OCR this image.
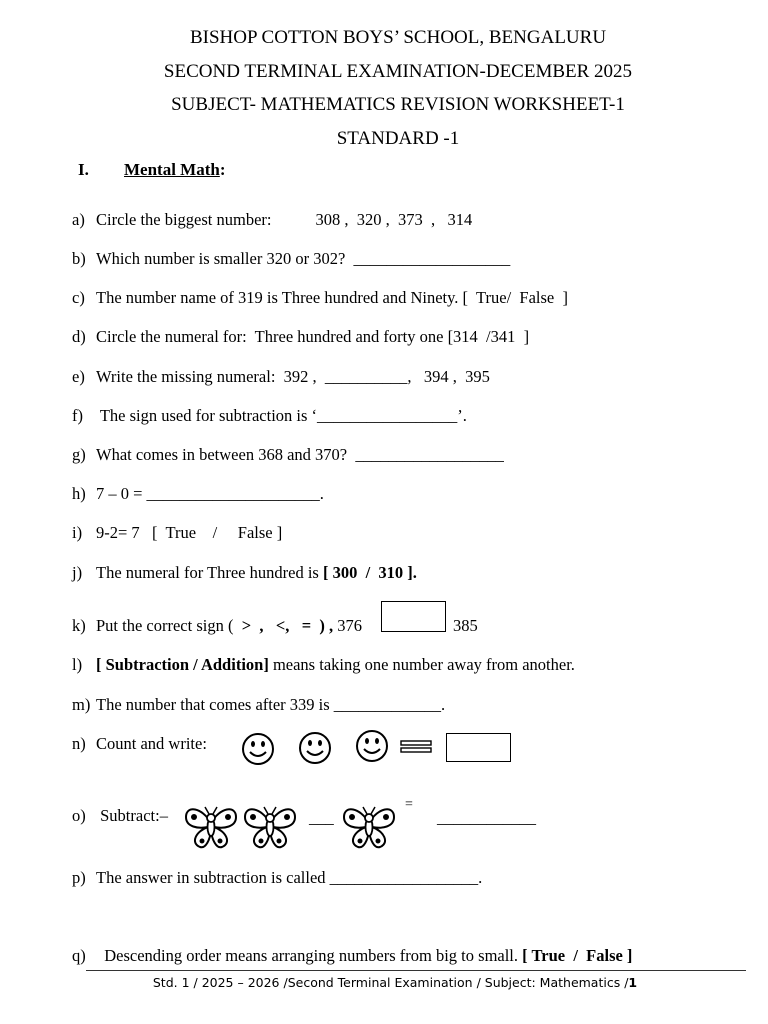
BISHOP COTTON BOYS’ SCHOOL, BENGALURU
SECOND TERMINAL EXAMINATION-DECEMBER 2025
SUBJECT- MATHEMATICS REVISION WORKSHEET-1
STANDARD -1
I. Mental Math:
a) Circle the biggest number:	308 ,  320 ,  373  ,   314
b) Which number is smaller 320 or 302?  ___________________
c) The number name of 319 is Three hundred and Ninety. [  True/  False  ]
d) Circle the numeral for:  Three hundred and forty one [314  /341  ]
e) Write the missing numeral:  392 ,  __________,   394 ,  395
f) The sign used for subtraction is ‘_________________’.
g) What comes in between 368 and 370?  __________________
h) 7 – 0 = _____________________.
i) 9-2= 7   [  True    /     False ]
j) The numeral for Three hundred is [ 300  /  310 ].
k) Put the correct sign (  >  ,   <,   =  ) , 376	385
l) [ Subtraction / Addition] means taking one number away from another.
m) The number that comes after 339 is _____________.
n) Count and write:
o) Subtract:–	___
=
____________
p) The answer in subtraction is called __________________.
q)  Descending order means arranging numbers from big to small. [ True  /  False ]
Std. 1 / 2025 – 2026 /Second Terminal Examination / Subject: Mathematics /1
